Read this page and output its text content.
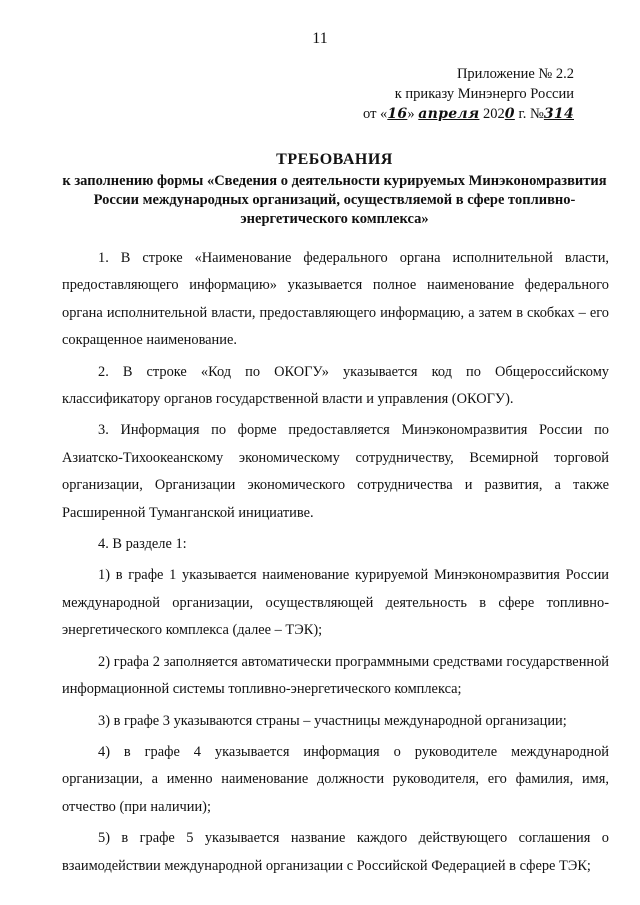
11
Приложение № 2.2
к приказу Минэнерго России
от «16» апреля 2020 г. №314
ТРЕБОВАНИЯ
к заполнению формы «Сведения о деятельности курируемых Минэкономразвития России международных организаций, осуществляемой в сфере топливно-энергетического комплекса»

1. В строке «Наименование федерального органа исполнительной власти, предоставляющего информацию» указывается полное наименование федерального органа исполнительной власти, предоставляющего информацию, а затем в скобках – его сокращенное наименование.

2. В строке «Код по ОКОГУ» указывается код по Общероссийскому классификатору органов государственной власти и управления (ОКОГУ).

3. Информация по форме предоставляется Минэкономразвития России по Азиатско-Тихоокеанскому экономическому сотрудничеству, Всемирной торговой организации, Организации экономического сотрудничества и развития, а также Расширенной Туманганской инициативе.

4. В разделе 1:

1) в графе 1 указывается наименование курируемой Минэкономразвития России международной организации, осуществляющей деятельность в сфере топливно-энергетического комплекса (далее – ТЭК);

2) графа 2 заполняется автоматически программными средствами государственной информационной системы топливно-энергетического комплекса;

3) в графе 3 указываются страны – участницы международной организации;

4) в графе 4 указывается информация о руководителе международной организации, а именно наименование должности руководителя, его фамилия, имя, отчество (при наличии);

5) в графе 5 указывается название каждого действующего соглашения о взаимодействии международной организации с Российской Федерацией в сфере ТЭК;
